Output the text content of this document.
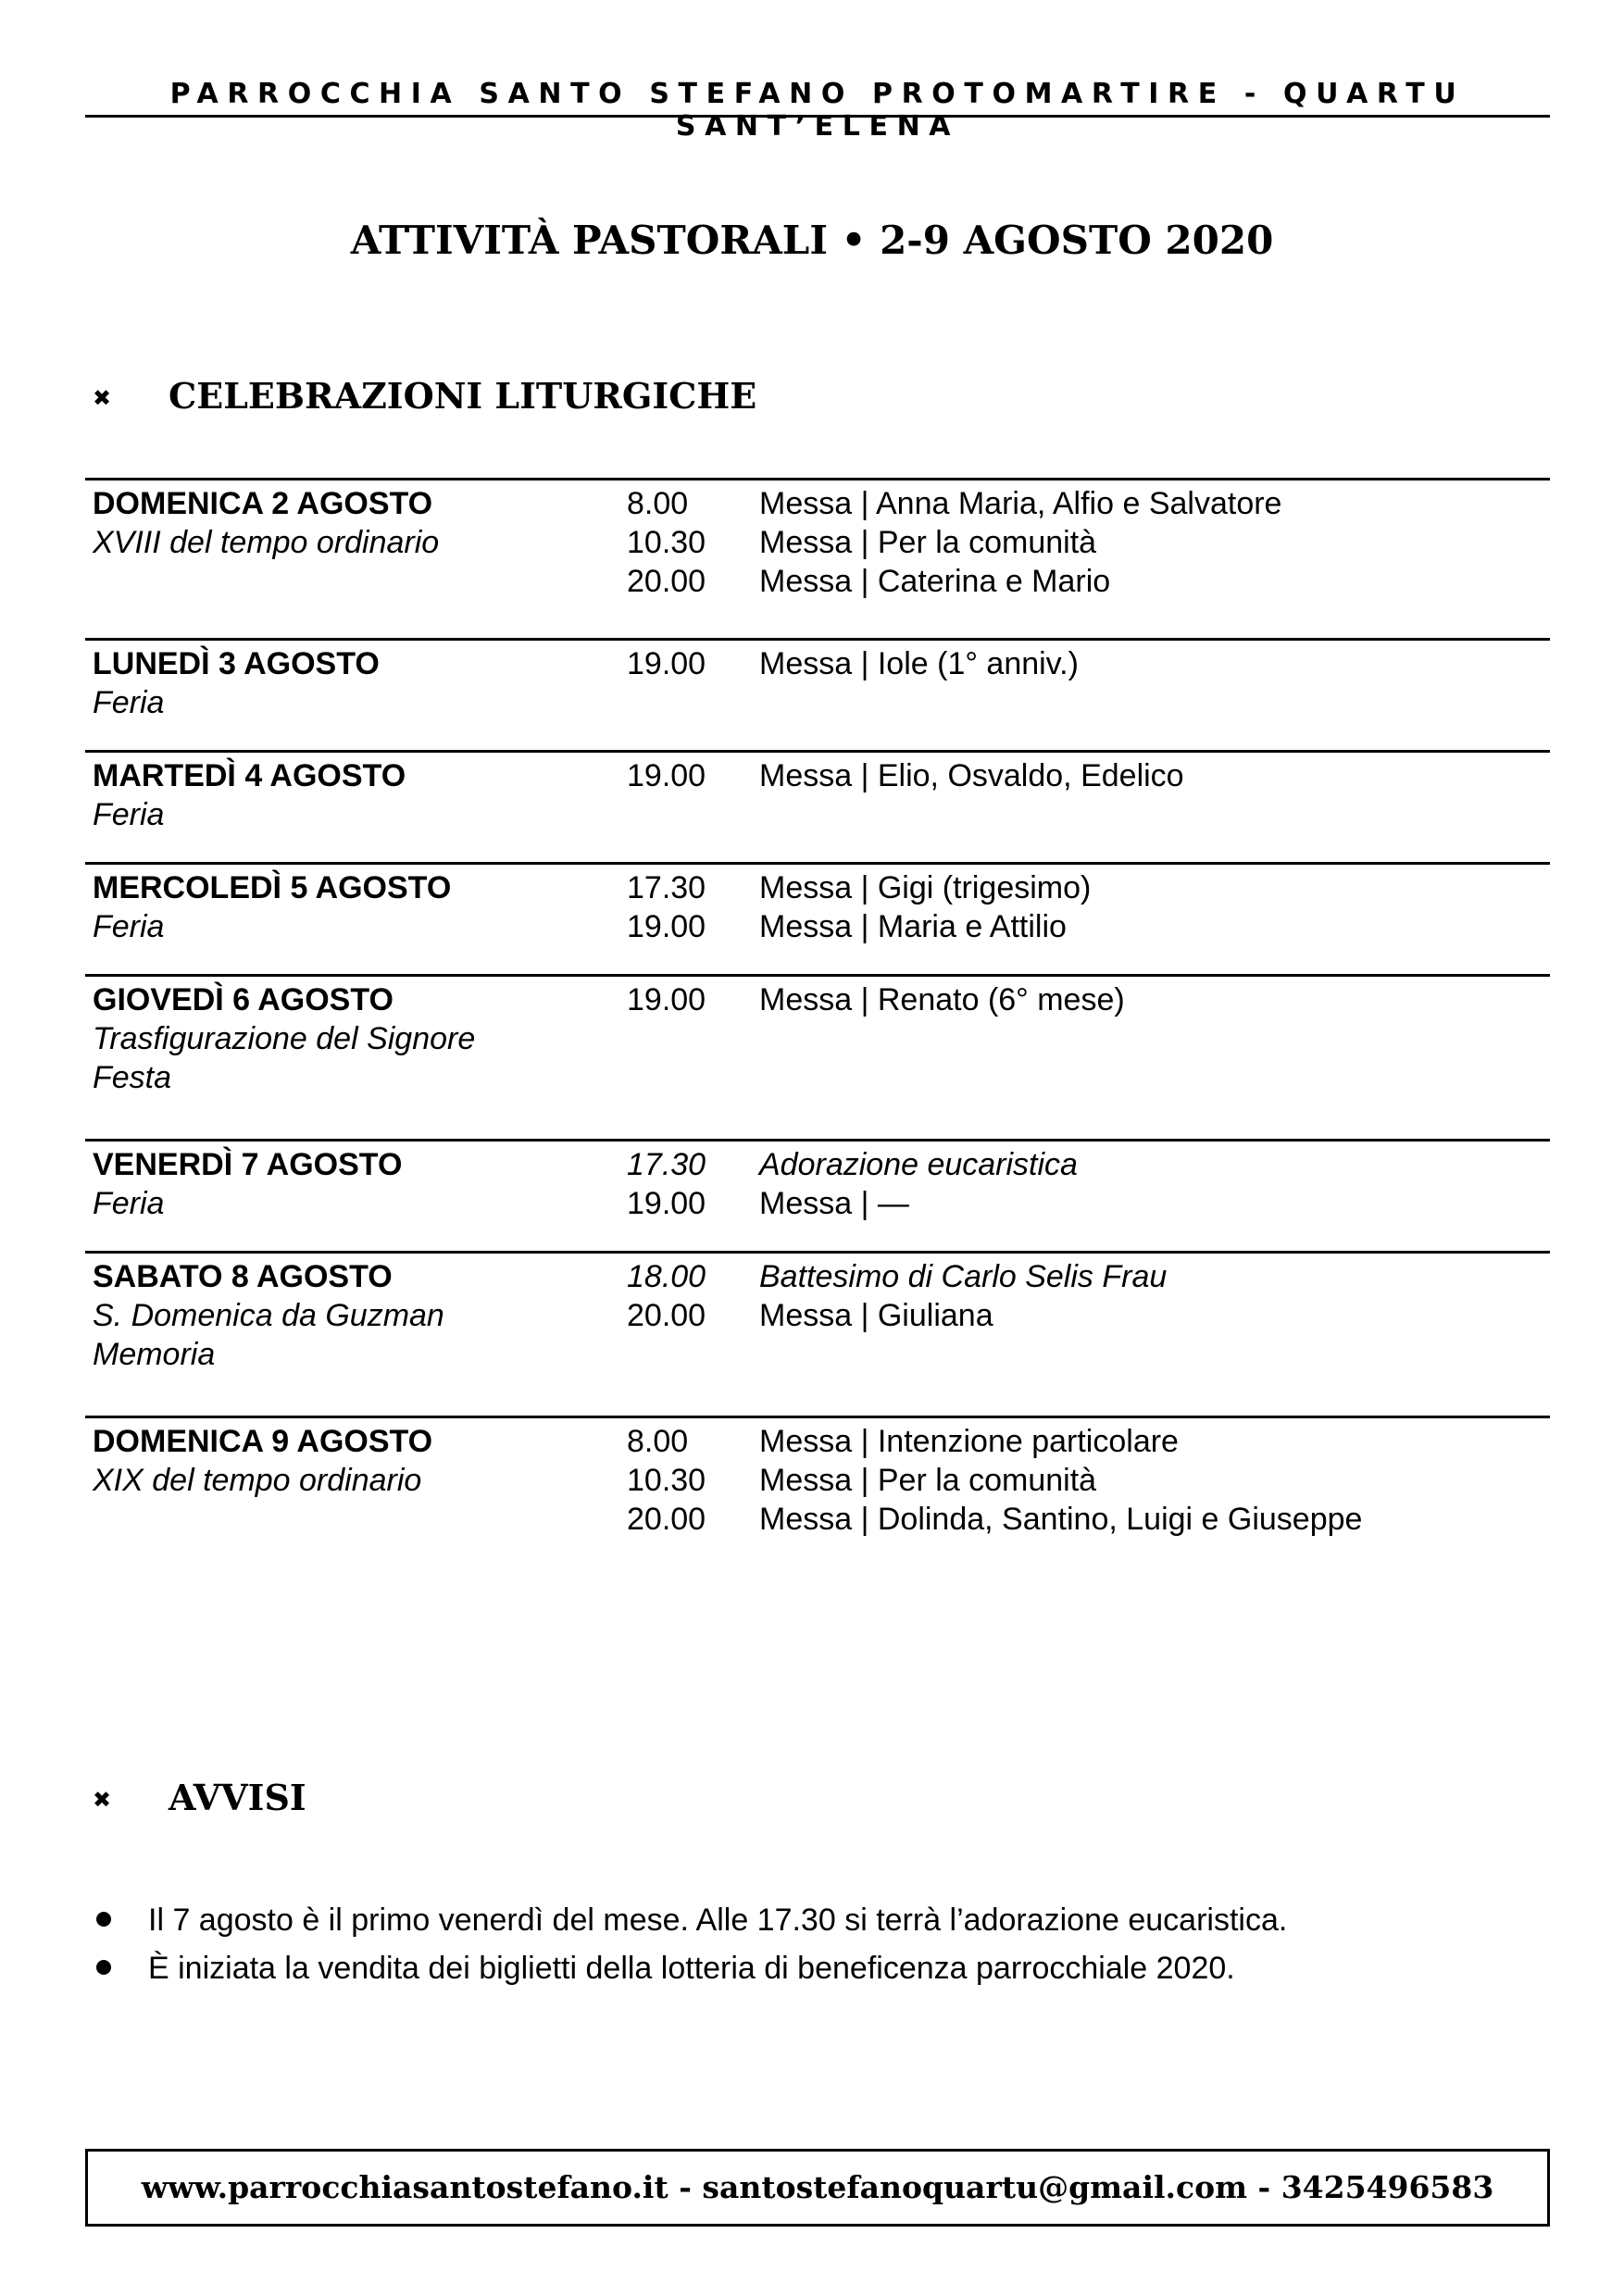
PARROCCHIA SANTO STEFANO PROTOMARTIRE - QUARTU SANT’ELENA
ATTIVITÀ PASTORALI • 2-9 AGOSTO 2020
✖ CELEBRAZIONI LITURGICHE
DOMENICA 2 AGOSTO
XVIII del tempo ordinario
8.00 Messa | Anna Maria, Alfio e Salvatore
10.30 Messa | Per la comunità
20.00 Messa | Caterina e Mario
LUNEDÌ 3 AGOSTO
Feria
19.00 Messa | Iole (1° anniv.)
MARTEDÌ 4 AGOSTO
Feria
19.00 Messa | Elio, Osvaldo, Edelico
MERCOLEDÌ 5 AGOSTO
Feria
17.30 Messa | Gigi (trigesimo)
19.00 Messa | Maria e Attilio
GIOVEDÌ 6 AGOSTO
Trasfigurazione del Signore
Festa
19.00 Messa | Renato (6° mese)
VENERDÌ 7 AGOSTO
Feria
17.30 Adorazione eucaristica
19.00 Messa | —
SABATO 8 AGOSTO
S. Domenica da Guzman
Memoria
18.00 Battesimo di Carlo Selis Frau
20.00 Messa | Giuliana
DOMENICA 9 AGOSTO
XIX del tempo ordinario
8.00 Messa | Intenzione particolare
10.30 Messa | Per la comunità
20.00 Messa | Dolinda, Santino, Luigi e Giuseppe
✖ AVVISI
Il 7 agosto è il primo venerdì del mese. Alle 17.30 si terrà l’adorazione eucaristica.
È iniziata la vendita dei biglietti della lotteria di beneficenza parrocchiale 2020.
www.parrocchiasantostefano.it - santostefanoquartu@gmail.com - 3425496583
